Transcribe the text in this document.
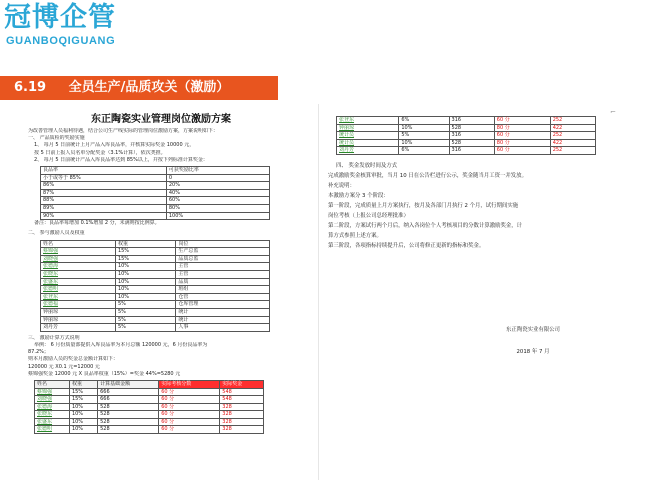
冠博企管
GUANBOQIGUANG
6.19 全员生产/品质攻关（激励）
东正陶瓷实业管理岗位激励方案
为改善管理人员福利待遇，结合公司生产线实际的管理岗位激励方案，方案说明如下：
一、 产品质检的奖励实施
1、 每月 5 日前统计上月产品入库良品率，并核算实际奖金 10000 元，
按 5 日前上报人员名单分配奖金（3.1%计算），依次类推。
2、 每月 5 日前统计产品入库良品率达到 85%以上，并按下列标准计算奖金：
良品率	可获奖励比率
小于或等于 85%	0
86%	20%
87%	40%
88%	60%
89%	80%
90%	100%
备注：良品率每增加 0.1%增加 2 分，未满则按比例算。
二、 参与激励人员及权重
姓名	权重	岗位
蔡锦强	15%	生产总监
刘晓强	15%	品质总监
张德海	10%	主管
张晓东	10%	主管
张盛东	10%	品质
张德明	10%	班组
张登东	10%	仓管
张德福	5%	仓库管理
钟丽琼	5%	统计
钟丽琼	5%	统计
刘丹芳	5%	人事
三、 激励计算方式说明
举例： 6 月份质量部提供入库良品率为本月总额 120000 元，6 月份良品率为
87.2%；
则本月激励人员的奖金总金额计算如下：
120000 元 X0.1 元=12000 元
蔡锦强奖金 12000 元 X 良品率权重（15%）=奖金 44%=5280 元
姓名	权重	计算基础金额	实际考核分数	实际奖金
蔡锦强	15%	666	60 分	548
刘晓强	15%	666	60 分	548
张德海	10%	528	60 分	328
张晓东	10%	528	60 分	328
张盛东	10%	528	60 分	328
张德明	10%	528	60 分	328
⌐
张登东	6%	316	60 分	252
钟丽琼	10%	528	80 分	422
统计员	5%	316	60 分	252
统计员	10%	528	80 分	422
刘丹芳	6%	316	60 分	252
四、 奖金发放时间及方式
完成激励奖金核算审批，当月 10 日在公告栏进行公示，奖金随当月工资一并发放。
补充说明：
本激励方案分 3 个阶段：
第一阶段，完成质量上月方案执行，按月及各部门月执行 2 个月，试行期间实施
岗位考核（上报公司总经理批准）
第二阶段，方案试行两个月后，纳入各岗位个人考核项目的分数计算激励奖金，计
算方式参照上述方案。
第三阶段，各项指标持续提升后，公司将修正更新的指标和奖金。
东正陶瓷实业有限公司
2018 年 7 月
